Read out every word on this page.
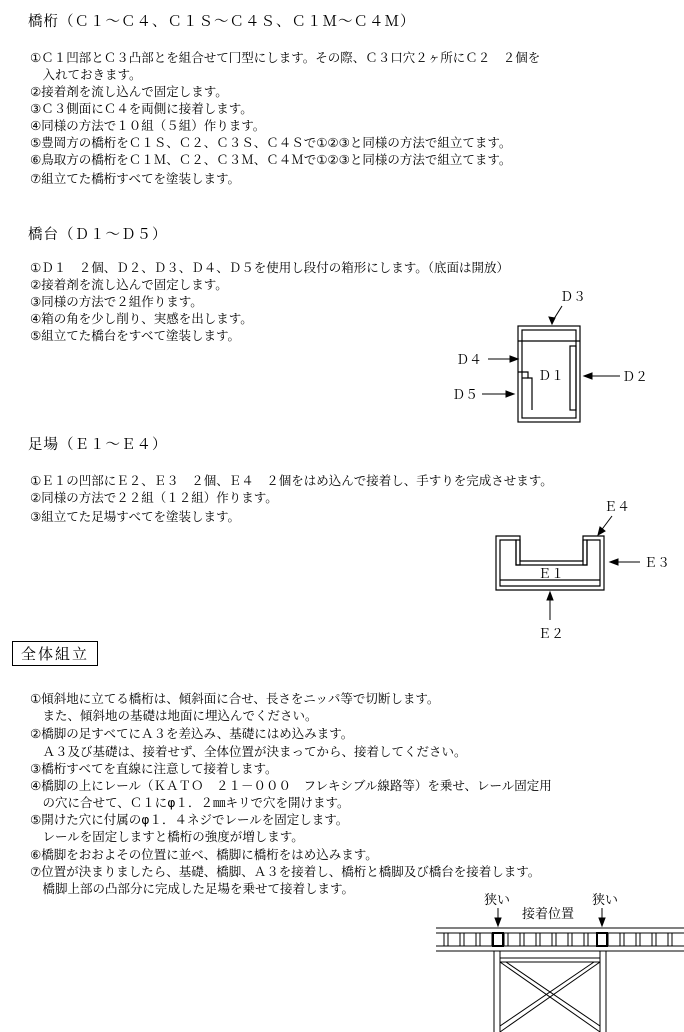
橋桁（Ｃ１～Ｃ４、Ｃ１Ｓ～Ｃ４Ｓ、Ｃ１Ｍ～Ｃ４Ｍ）
①Ｃ１凹部とＣ３凸部とを組合せて冂型にします。その際、Ｃ３口穴２ヶ所にＣ２　２個を
　入れておきます。
②接着剤を流し込んで固定します。
③Ｃ３側面にＣ４を両側に接着します。
④同様の方法で１０組（５組）作ります。
⑤豊岡方の橋桁をＣ１Ｓ、Ｃ２、Ｃ３Ｓ、Ｃ４Ｓで①②③と同様の方法で組立てます。
⑥鳥取方の橋桁をＣ１Ｍ、Ｃ２、Ｃ３Ｍ、Ｃ４Ｍで①②③と同様の方法で組立てます。
⑦組立てた橋桁すべてを塗装します。
橋台（Ｄ１～Ｄ５）
①Ｄ１　２個、Ｄ２、Ｄ３、Ｄ４、Ｄ５を使用し段付の箱形にします。（底面は開放）
②接着剤を流し込んで固定します。
③同様の方法で２組作ります。
④箱の角を少し削り、実感を出します。
⑤組立てた橋台をすべて塗装します。
Ｄ３
Ｄ４
Ｄ１	Ｄ２
Ｄ５
足場（Ｅ１～Ｅ４）
①Ｅ１の凹部にＥ２、Ｅ３　２個、Ｅ４　２個をはめ込んで接着し、手すりを完成させます。
②同様の方法で２２組（１２組）作ります。
③組立てた足場すべてを塗装します。
Ｅ４
Ｅ３
Ｅ１
Ｅ２
全体組立
①傾斜地に立てる橋桁は、傾斜面に合せ、長さをニッパ等で切断します。
　また、傾斜地の基礎は地面に埋込んでください。
②橋脚の足すべてにＡ３を差込み、基礎にはめ込みます。
　Ａ３及び基礎は、接着せず、全体位置が決まってから、接着してください。
③橋桁すべてを直線に注意して接着します。
④橋脚の上にレール（ＫＡＴＯ　２１－０００　フレキシブル線路等）を乗せ、レール固定用
　の穴に合せて、Ｃ１にφ１．２㎜キリで穴を開けます。
⑤開けた穴に付属のφ１．４ネジでレールを固定します。
　レールを固定しますと橋桁の強度が増します。
⑥橋脚をおおよその位置に並べ、橋脚に橋桁をはめ込みます。
⑦位置が決まりましたら、基礎、橋脚、Ａ３を接着し、橋桁と橋脚及び橋台を接着します。
　橋脚上部の凸部分に完成した足場を乗せて接着します。
狭い
接着位置
狭い
